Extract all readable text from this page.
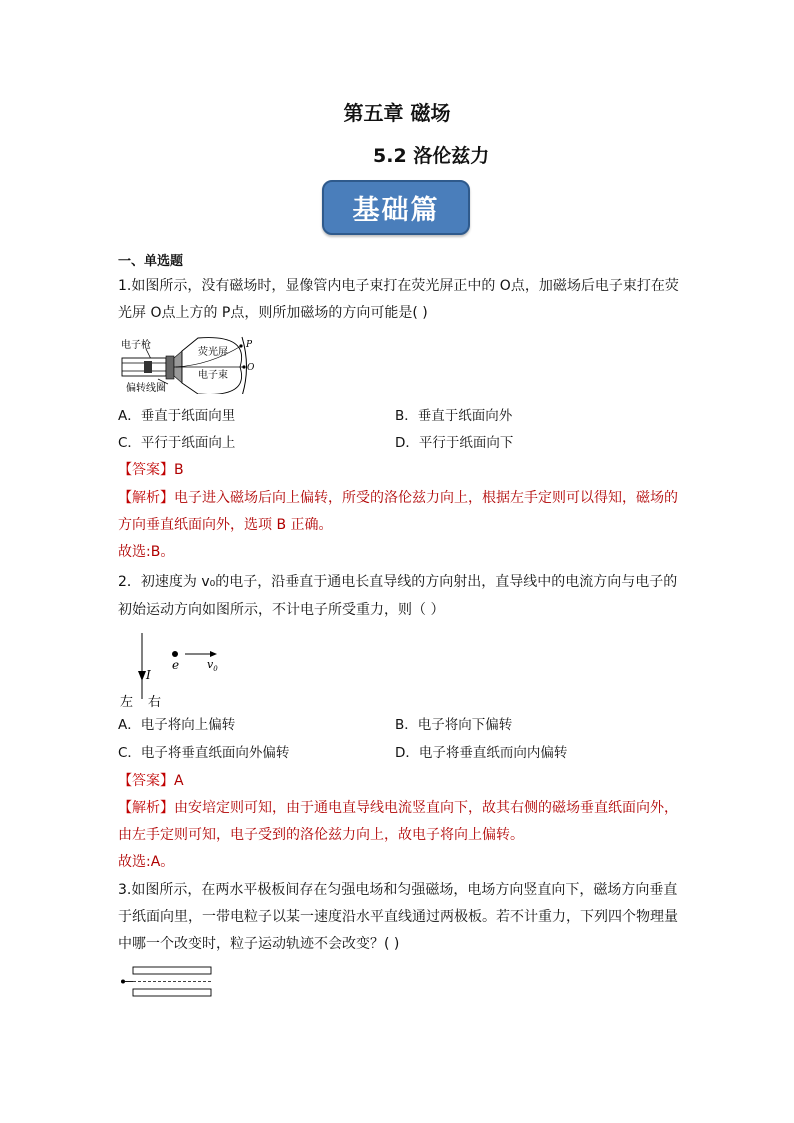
第五章 磁场
5.2 洛伦兹力
基础篇
一、单选题
1.如图所示，没有磁场时，显像管内电子束打在荧光屏正中的 O点，加磁场后电子束打在荧
光屏 O点上方的 P点，则所加磁场的方向可能是( )
电子枪
荧光屏
电子束
P
O
偏转线圈
A．垂直于纸面向里	B．垂直于纸面向外
C．平行于纸面向上	D．平行于纸面向下
【答案】B
【解析】电子进入磁场后向上偏转，所受的洛伦兹力向上，根据左手定则可以得知，磁场的
方向垂直纸面向外，选项 B 正确。
故选:B。
2．初速度为 v₀的电子，沿垂直于通电长直导线的方向射出，直导线中的电流方向与电子的
初始运动方向如图所示，不计电子所受重力，则（ ）
I
e	$v_0$
左 右
A．电子将向上偏转	B．电子将向下偏转
C．电子将垂直纸面向外偏转	D．电子将垂直纸而向内偏转
【答案】A
【解析】由安培定则可知，由于通电直导线电流竖直向下，故其右侧的磁场垂直纸面向外，
由左手定则可知，电子受到的洛伦兹力向上，故电子将向上偏转。
故选:A。
3.如图所示，在两水平极板间存在匀强电场和匀强磁场，电场方向竖直向下，磁场方向垂直
于纸面向里，一带电粒子以某一速度沿水平直线通过两极板。若不计重力，下列四个物理量
中哪一个改变时，粒子运动轨迹不会改变？( )
